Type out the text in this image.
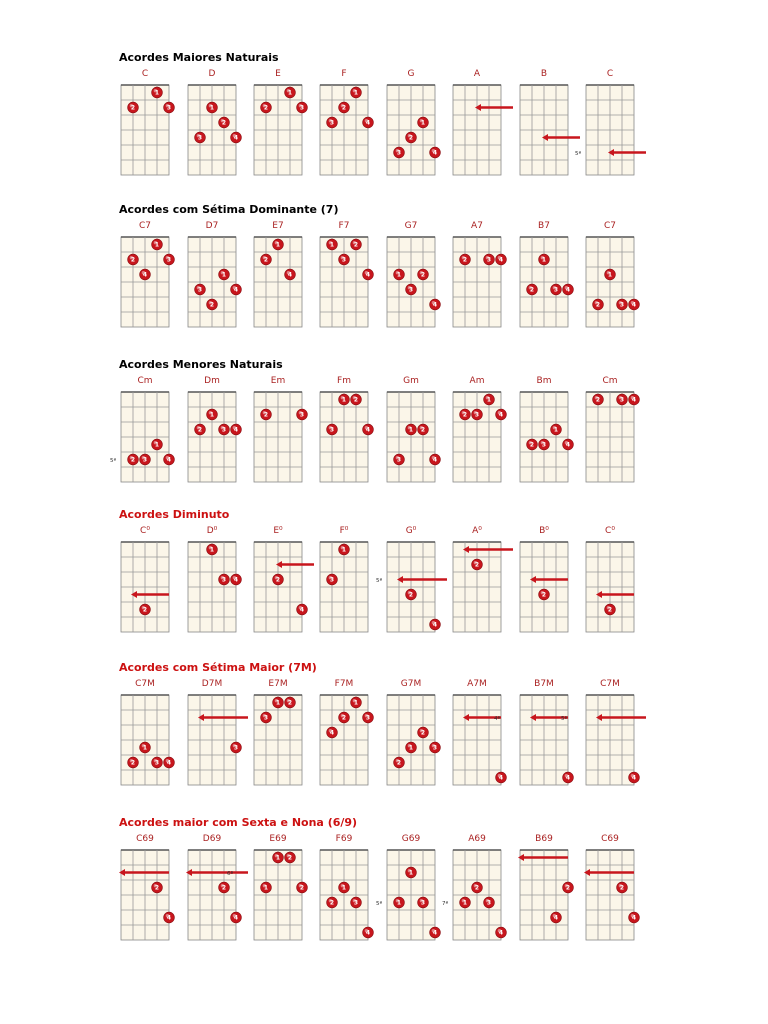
Acordes Maiores Naturais
C
2
1
3
D
3
1
2
4
E
2
1
3
F
3
2
1
4
G
3
2
1
4
A	B	C
5ª
Acordes com Sétima Dominante (7)
C7
2
4
1
3
D7
3
2
1
4
E7
2
1
4
F7
1
3
2
4
G7
1
3
2
4
A7
2	3 4
B7
2
1
3 4
C7
2
1
3 4
Acordes Menores Naturais
Cm
5ª 2 3
1
4
Dm
2
1
3 4
Em
2	3
Fm
3
1 2
4
Gm
3
1 2
4
Am
2 3
1
4
Bm
2 3
1
4
Cm
2	3 4
Acordes Diminuto
C⁰
2
D⁰
1
3 4
E⁰
2
4
F⁰
3
1
G⁰
5ª
2
4
A⁰
2
B⁰
2
C⁰
2
Acordes com Sétima Maior (7M)
C7M
2
1
3 4
D7M
3
E7M
3
1 2
F7M
4
2
1
3
G7M
2
1
2
3
A7M
4ª
4
B7M
5ª
4
C7M
4
Acordes maior com Sexta e Nona (6/9)
C69
2
4
D69
6ª
2
4
E69
1
1 2
2
F69
2
1
3
4
G69
5ª 1
1
3
4
A69
7ª 1
2
3
4
B69
2
4
C69
2
4
